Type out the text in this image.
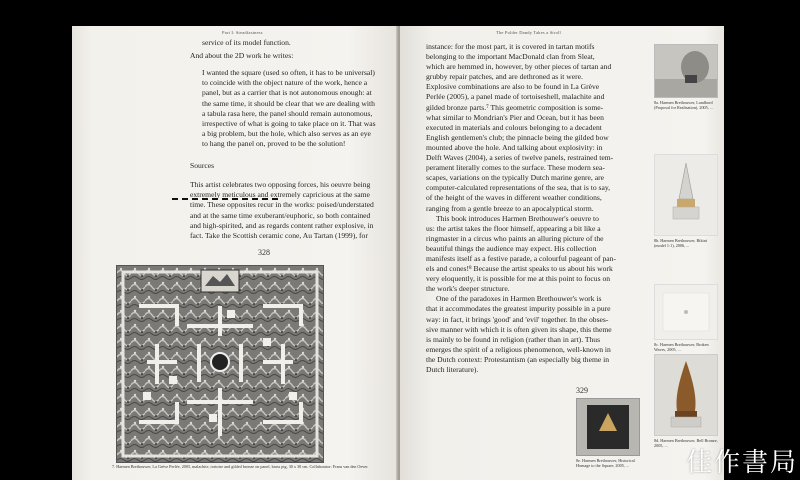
Part I: Steadfastness
service of its model function.
And about the 2D work he writes:
I wanted the square (used so often, it has to be universal)
to coincide with the object nature of the work, hence a
panel, but as a carrier that is not autonomous enough: at
the same time, it should be clear that we are dealing with
a tabula rasa here, the panel should remain autonomous,
irrespective of what is going to take place on it. That was
a big problem, but the hole, which also serves as an eye
to hang the panel on, proved to be the solution!
Sources
This artist celebrates two opposing forces, his oeuvre being
extremely meticulous and extremely capricious at the same
time. These opposites recur in the works: poised/understated
and at the same time exuberant/euphoric, so both contained
and high-spirited, and as regards content rather explosive, in
fact. Take the Scottish ceramic cone, Au Tartan (1999), for
328
7. Harmen Brethouwer, La Grève Perlée, 2005, malachite, tortoise and gilded bronze on panel, brass pig, 30 x 30 cm. Collaborator: Frans van den Oever.
The Polder Dandy Takes a Stroll
instance: for the most part, it is covered in tartan motifs
belonging to the important MacDonald clan from Sleat,
which are hemmed in, however, by other pieces of tartan and
grubby repair patches, and are dethroned as it were.
Explosive combinations are also to be found in La Grève
Perlée (2005), a panel made of tortoiseshell, malachite and
gilded bronze parts.⁷ This geometric composition is some-
what similar to Mondrian's Pier and Ocean, but it has been
executed in materials and colours belonging to a decadent
English gentlemen's club; the pinnacle being the gilded bow
mounted above the hole. And talking about explosivity: in
Delft Waves (2004), a series of twelve panels, restrained tem-
perament literally comes to the surface. These modern sea-
scapes, variations on the typically Dutch marine genre, are
computer-calculated representations of the sea, that is to say,
of the height of the waves in different weather conditions,
ranging from a gentle breeze to an apocalyptical storm.
This book introduces Harmen Brethouwer's oeuvre to
us: the artist takes the floor himself, appearing a bit like a
ringmaster in a circus who paints an alluring picture of the
beautiful things the audience may expect. His collection
manifests itself as a festive parade, a colourful pageant of pan-
els and cones!⁸ Because the artist speaks to us about his work
very eloquently, it is possible for me at this point to focus on
the work's deeper structure.
One of the paradoxes in Harmen Brethouwer's work is
that it accommodates the greatest impurity possible in a pure
way: in fact, it brings 'good' and 'evil' together. In the obses-
sive manner with which it is often given its shape, this theme
is mainly to be found in religion (rather than in art). Thus
emerges the spirit of a religious phenomenon, well-known in
the Dutch context: Protestantism (an especially big theme in
Dutch literature).
329
8a. Harmen Brethouwer, Landbord (Proposal for Realisation), 2005, ...
8b. Harmen Brethouwer, Bikini (model 1:1), 2006, ...
8c. Harmen Brethouwer, Broken Waves, 2005, ...
8d. Harmen Brethouwer, Bell Bronze, 2005, ...
8e. Harmen Brethouwer, Historical Homage to the Square, 2005, ...	佳作書局
